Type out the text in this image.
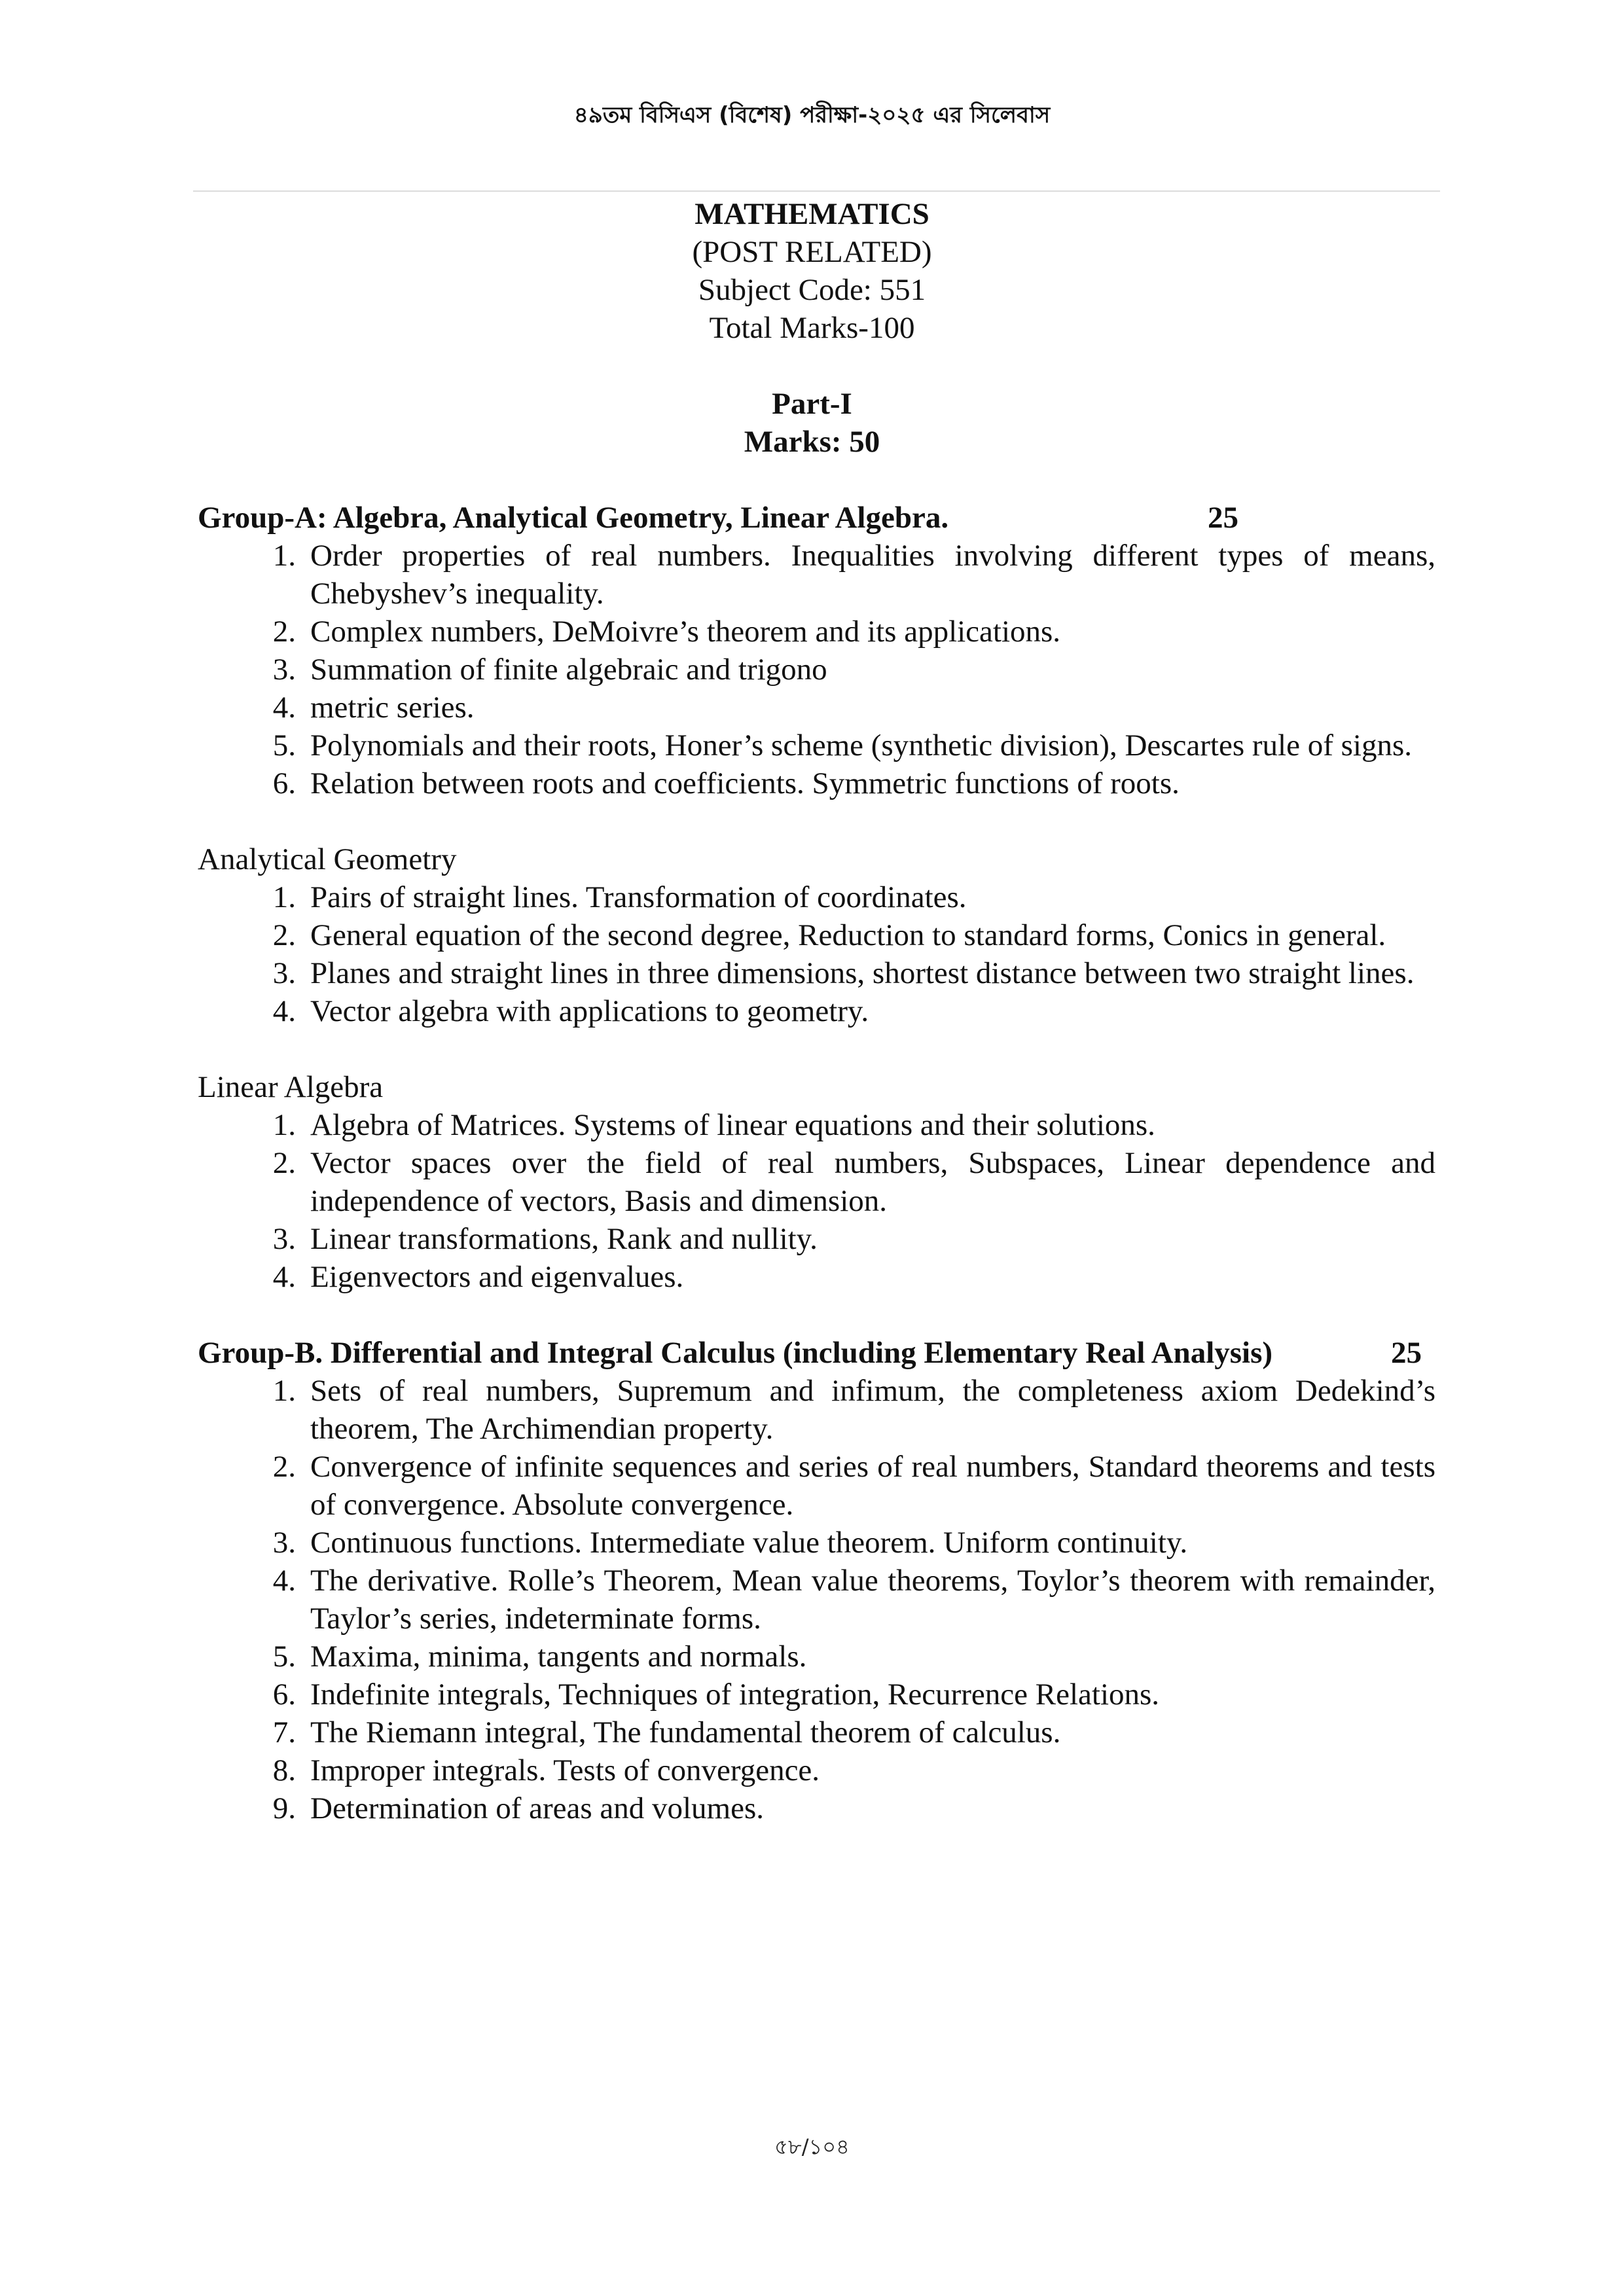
৪৯তম বিসিএস (বিশেষ) পরীক্ষা-২০২৫ এর সিলেবাস
MATHEMATICS
(POST RELATED)
Subject Code: 551
Total Marks-100
Part-I
Marks: 50
Group-A: Algebra, Analytical Geometry, Linear Algebra.	25
1. Order properties of real numbers. Inequalities involving different types of means, Chebyshev’s inequality.
2. Complex numbers, DeMoivre’s theorem and its applications.
3. Summation of finite algebraic and trigono
4. metric series.
5. Polynomials and their roots, Honer’s scheme (synthetic division), Descartes rule of signs.
6. Relation between roots and coefficients. Symmetric functions of roots.
Analytical Geometry
1. Pairs of straight lines. Transformation of coordinates.
2. General equation of the second degree, Reduction to standard forms, Conics in general.
3. Planes and straight lines in three dimensions, shortest distance between two straight lines.
4. Vector algebra with applications to geometry.
Linear Algebra
1. Algebra of Matrices. Systems of linear equations and their solutions.
2. Vector spaces over the field of real numbers, Subspaces, Linear dependence and independence of vectors, Basis and dimension.
3. Linear transformations, Rank and nullity.
4. Eigenvectors and eigenvalues.
Group-B. Differential and Integral Calculus (including Elementary Real Analysis)	25
1. Sets of real numbers, Supremum and infimum, the completeness axiom Dedekind’s theorem, The Archimendian property.
2. Convergence of infinite sequences and series of real numbers, Standard theorems and tests of convergence. Absolute convergence.
3. Continuous functions. Intermediate value theorem. Uniform continuity.
4. The derivative. Rolle’s Theorem, Mean value theorems, Toylor’s theorem with remainder, Taylor’s series, indeterminate forms.
5. Maxima, minima, tangents and normals.
6. Indefinite integrals, Techniques of integration, Recurrence Relations.
7. The Riemann integral, The fundamental theorem of calculus.
8. Improper integrals. Tests of convergence.
9. Determination of areas and volumes.
৫৮/১০৪
